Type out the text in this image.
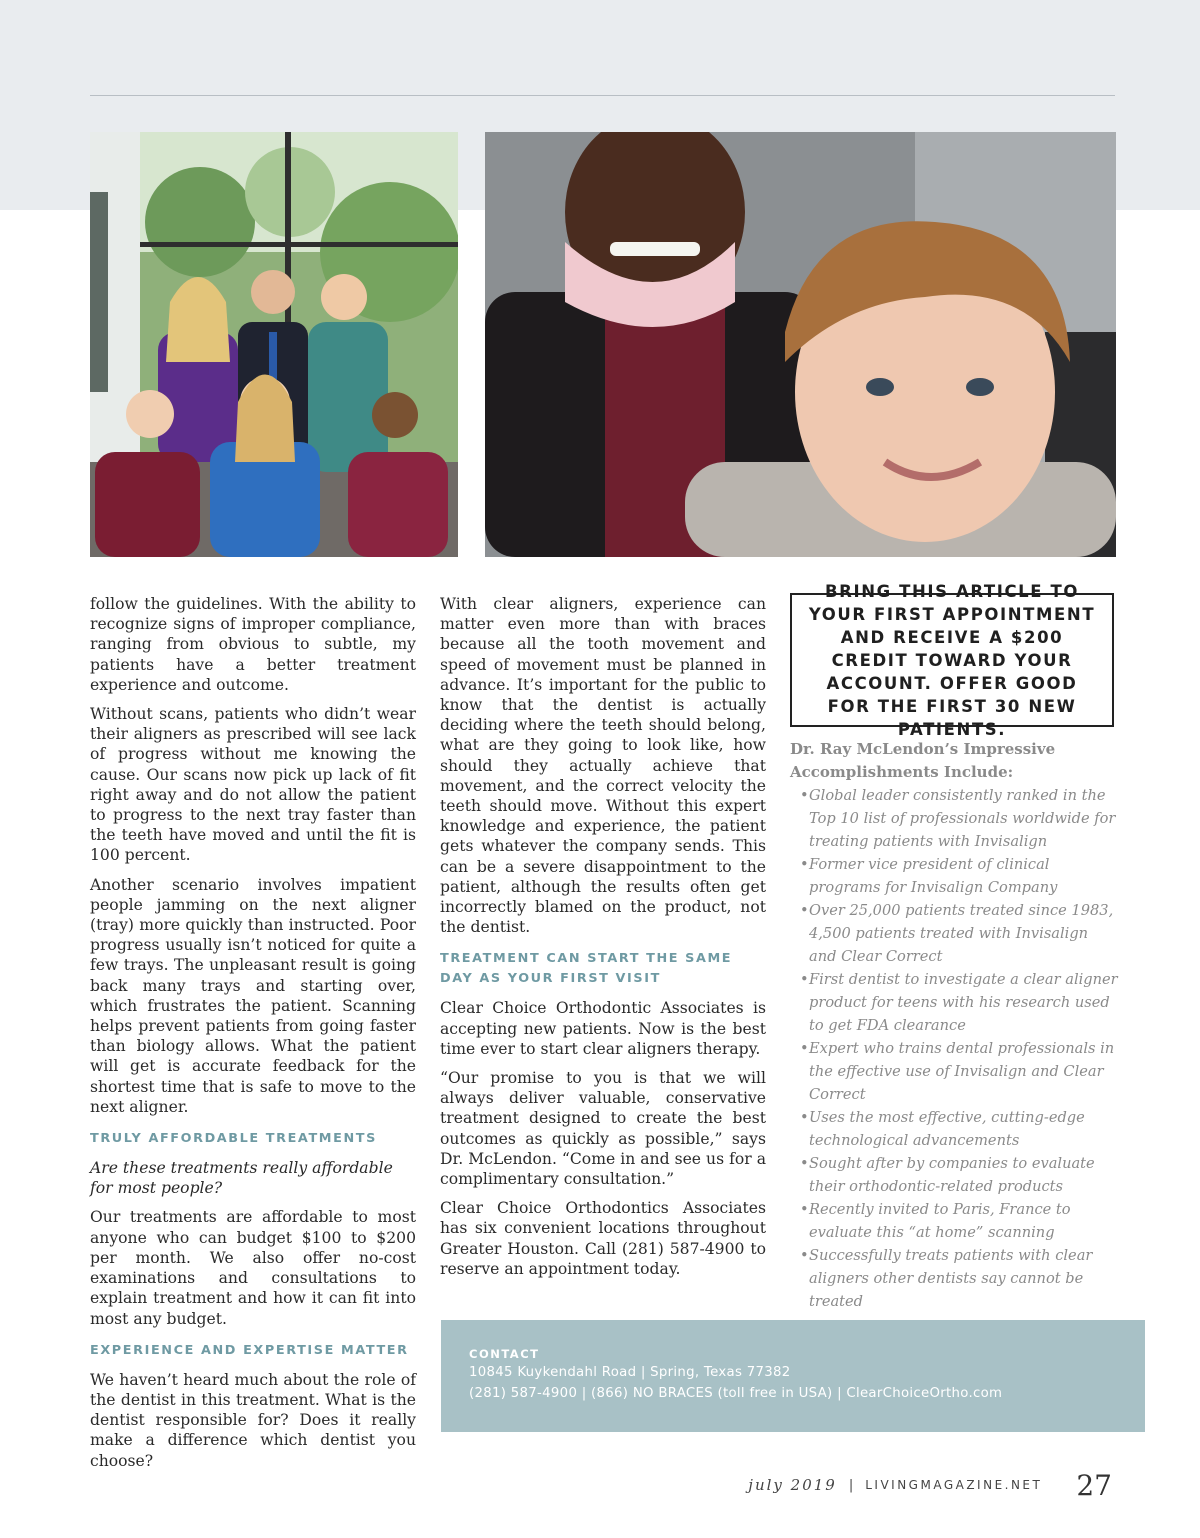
follow the guidelines. With the ability to recognize signs of improper compliance, ranging from obvious to subtle, my patients have a better treatment experience and outcome.

Without scans, patients who didn’t wear their aligners as prescribed will see lack of progress without me knowing the cause. Our scans now pick up lack of fit right away and do not allow the patient to progress to the next tray faster than the teeth have moved and until the fit is 100 percent.

Another scenario involves impatient people jamming on the next aligner (tray) more quickly than instructed. Poor progress usually isn’t noticed for quite a few trays. The unpleasant result is going back many trays and starting over, which frustrates the patient. Scanning helps prevent patients from going faster than biology allows. What the patient will get is accurate feedback for the shortest time that is safe to move to the next aligner.

TRULY AFFORDABLE TREATMENTS

Are these treatments really affordable for most people?

Our treatments are affordable to most anyone who can budget $100 to $200 per month. We also offer no-cost examinations and consultations to explain treatment and how it can fit into most any budget.

EXPERIENCE AND EXPERTISE MATTER

We haven’t heard much about the role of the dentist in this treatment. What is the dentist responsible for? Does it really make a difference which dentist you choose?

With clear aligners, experience can matter even more than with braces because all the tooth movement and speed of movement must be planned in advance. It’s important for the public to know that the dentist is actually deciding where the teeth should belong, what are they going to look like, how should they actually achieve that movement, and the correct velocity the teeth should move. Without this expert knowledge and experience, the patient gets whatever the company sends. This can be a severe disappointment to the patient, although the results often get incorrectly blamed on the product, not the dentist.

TREATMENT CAN START THE SAME DAY AS YOUR FIRST VISIT

Clear Choice Orthodontic Associates is accepting new patients. Now is the best time ever to start clear aligners therapy.

“Our promise to you is that we will always deliver valuable, conservative treatment designed to create the best outcomes as quickly as possible,” says Dr. McLendon. “Come in and see us for a complimentary consultation.”

Clear Choice Orthodontics Associates has six convenient locations throughout Greater Houston. Call (281) 587-4900 to reserve an appointment today.

BRING THIS ARTICLE TO YOUR FIRST APPOINTMENT AND RECEIVE A $200 CREDIT TOWARD YOUR ACCOUNT. OFFER GOOD FOR THE FIRST 30 NEW PATIENTS.
Dr. Ray McLendon’s Impressive Accomplishments Include:
• Global leader consistently ranked in the Top 10 list of professionals worldwide for treating patients with Invisalign
• Former vice president of clinical programs for Invisalign Company
• Over 25,000 patients treated since 1983, 4,500 patients treated with Invisalign and Clear Correct
• First dentist to investigate a clear aligner product for teens with his research used to get FDA clearance
• Expert who trains dental professionals in the effective use of Invisalign and Clear Correct
• Uses the most effective, cutting-edge technological advancements
• Sought after by companies to evaluate their orthodontic-related products
• Recently invited to Paris, France to evaluate this “at home” scanning
• Successfully treats patients with clear aligners other dentists say cannot be treated
CONTACT
10845 Kuykendahl Road | Spring, Texas 77382
(281) 587-4900 | (866) NO BRACES (toll free in USA) | ClearChoiceOrtho.com
july 2019 | LIVINGMAGAZINE.NET 27
